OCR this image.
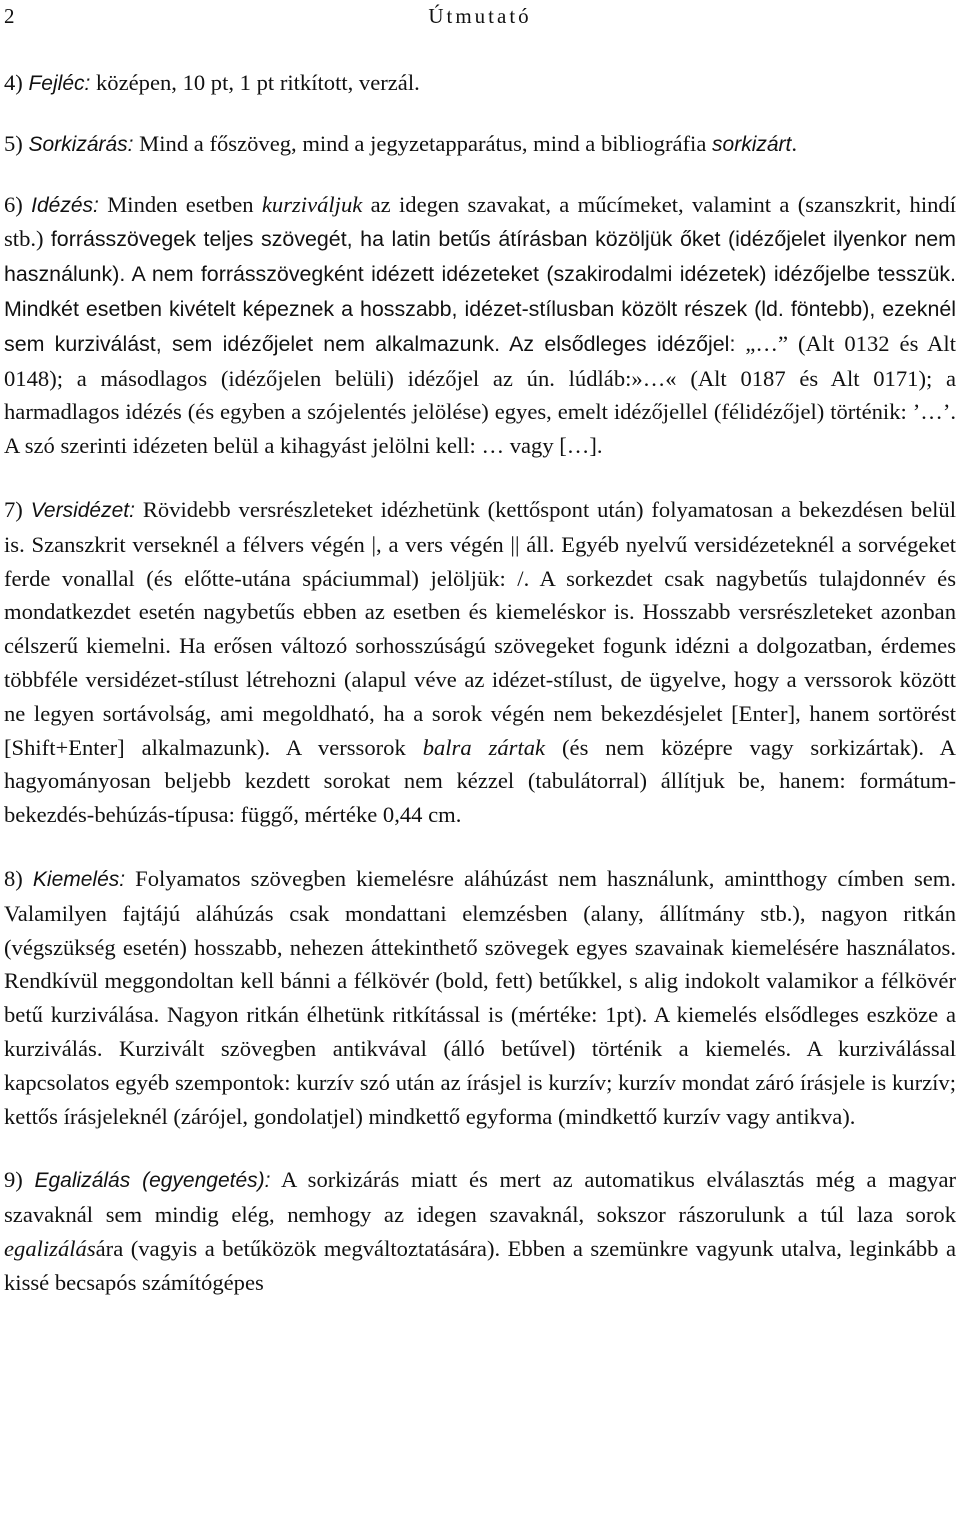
2	Útmutató

4) Fejléc: középen, 10 pt, 1 pt ritkított, verzál.

5) Sorkizárás: Mind a főszöveg, mind a jegyzetapparátus, mind a bibliográfia sorkizárt.

6) Idézés: Minden esetben kurziváljuk az idegen szavakat, a műcímeket, valamint a (szanszkrit, hindí stb.) forrásszövegek teljes szövegét, ha latin betűs átírásban közöljük őket (idézőjelet ilyenkor nem használunk). A nem forrásszövegként idézett idézeteket (szakirodalmi idézetek) idézőjelbe tesszük. Mindkét esetben kivételt képeznek a hosszabb, idézet-stílusban közölt részek (ld. föntebb), ezeknél sem kurziválást, sem idézőjelet nem alkalmazunk. Az elsődleges idézőjel: „…” (Alt 0132 és Alt 0148); a másodlagos (idézőjelen belüli) idézőjel az ún. lúdláb:»…« (Alt 0187 és Alt 0171); a harmadlagos idézés (és egyben a szójelentés jelölése) egyes, emelt idézőjellel (félidézőjel) történik: ’…’. A szó szerinti idézeten belül a kihagyást jelölni kell: … vagy […].

7) Versidézet: Rövidebb versrészleteket idézhetünk (kettőspont után) folyamatosan a bekezdésen belül is. Szanszkrit verseknél a félvers végén |, a vers végén || áll. Egyéb nyelvű versidézeteknél a sorvégeket ferde vonallal (és előtte-utána spáciummal) jelöljük: /. A sorkezdet csak nagybetűs tulajdonnév és mondatkezdet esetén nagybetűs ebben az esetben és kiemeléskor is. Hosszabb versrészleteket azonban célszerű kiemelni. Ha erősen változó sorhosszúságú szövegeket fogunk idézni a dolgozatban, érdemes többféle versidézet-stílust létrehozni (alapul véve az idézet-stílust, de ügyelve, hogy a verssorok között ne legyen sortávolság, ami megoldható, ha a sorok végén nem bekezdésjelet [Enter], hanem sortörést [Shift+Enter] alkalmazunk). A verssorok balra zártak (és nem középre vagy sorkizártak). A hagyományosan beljebb kezdett sorokat nem kézzel (tabulátorral) állítjuk be, hanem: formátum-bekezdés-behúzás-típusa: függő, mértéke 0,44 cm.

8) Kiemelés: Folyamatos szövegben kiemelésre aláhúzást nem használunk, amintthogy címben sem. Valamilyen fajtájú aláhúzás csak mondattani elemzésben (alany, állítmány stb.), nagyon ritkán (végszükség esetén) hosszabb, nehezen áttekinthető szövegek egyes szavainak kiemelésére használatos. Rendkívül meggondoltan kell bánni a félkövér (bold, fett) betűkkel, s alig indokolt valamikor a félkövér betű kurziválása. Nagyon ritkán élhetünk ritkítással is (mértéke: 1pt). A kiemelés elsődleges eszköze a kurziválás. Kurzivált szövegben antikvával (álló betűvel) történik a kiemelés. A kurziválással kapcsolatos egyéb szempontok: kurzív szó után az írásjel is kurzív; kurzív mondat záró írásjele is kurzív; kettős írásjeleknél (zárójel, gondolatjel) mindkettő egyforma (mindkettő kurzív vagy antikva).

9) Egalizálás (egyengetés): A sorkizárás miatt és mert az automatikus elválasztás még a magyar szavaknál sem mindig elég, nemhogy az idegen szavaknál, sokszor rászorulunk a túl laza sorok egalizálására (vagyis a betűközök megváltoztatására). Ebben a szemünkre vagyunk utalva, leginkább a kissé becsapós számítógépes
